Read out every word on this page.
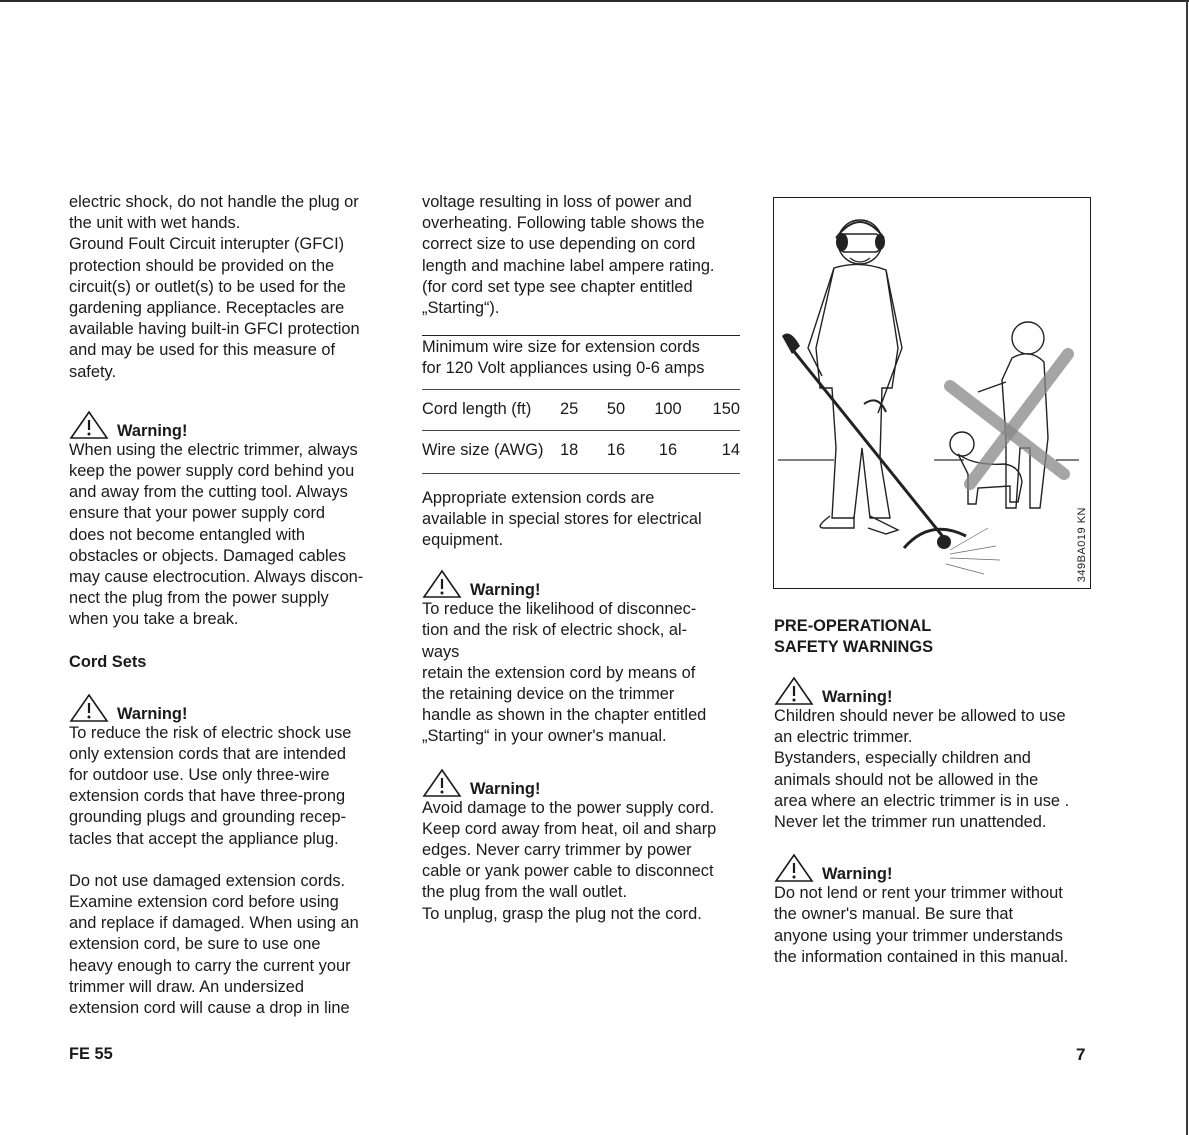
electric shock, do not handle the plug or
the unit with wet hands.
Ground Foult Circuit interupter (GFCI)
protection should be provided on the
circuit(s) or outlet(s) to be used for the
gardening appliance. Receptacles are
available having built-in GFCI protection
and may be used for this measure of
safety.

Warning!

When using the electric trimmer, always
keep the power supply cord behind you
and away from the cutting tool. Always
ensure that your power supply cord
does not become entangled with
obstacles or objects. Damaged cables
may cause electrocution. Always discon-
nect the plug from the power supply
when you take a break.

Cord Sets

Warning!

To reduce the risk of electric shock use
only extension cords that are intended
for outdoor use. Use only three-wire
extension cords that have three-prong
grounding plugs and grounding recep-
tacles that accept the appliance plug.

Do not use damaged extension cords.
Examine extension cord before using
and replace if damaged. When using an
extension cord, be sure to use one
heavy enough to carry the current your
trimmer will draw. An undersized
extension cord will cause a drop in line

voltage resulting in loss of power and
overheating. Following table shows the
correct size to use depending on cord
length and machine label ampere rating.
(for cord set type see chapter entitled
„Starting“).

Minimum wire size for extension cords
for 120 Volt appliances using 0-6 amps
Cord length (ft)	25	50	100	150
Wire size (AWG)	18	16	16	14

Appropriate extension cords are
available in special stores for electrical
equipment.

Warning!

To reduce the likelihood of disconnec-
tion and the risk of electric shock, al-
ways
retain the extension cord by means of
the retaining device on the trimmer
handle as shown in the chapter entitled
„Starting“ in your owner's manual.

Warning!

Avoid damage to the power supply cord.
Keep cord away from heat, oil and sharp
edges. Never carry trimmer by power
cable or yank power cable to disconnect
the plug from the wall outlet.
To unplug, grasp the plug not the cord.

349BA019 KN

PRE-OPERATIONAL
SAFETY WARNINGS

Warning!

Children should never be allowed to use
an electric trimmer.
Bystanders, especially children and
animals should not be allowed in the
area where an electric trimmer is in use .
Never let the trimmer run unattended.

Warning!

Do not lend or rent your trimmer without
the owner's manual. Be sure that
anyone using your trimmer understands
the information contained in this manual.

FE 55	7
